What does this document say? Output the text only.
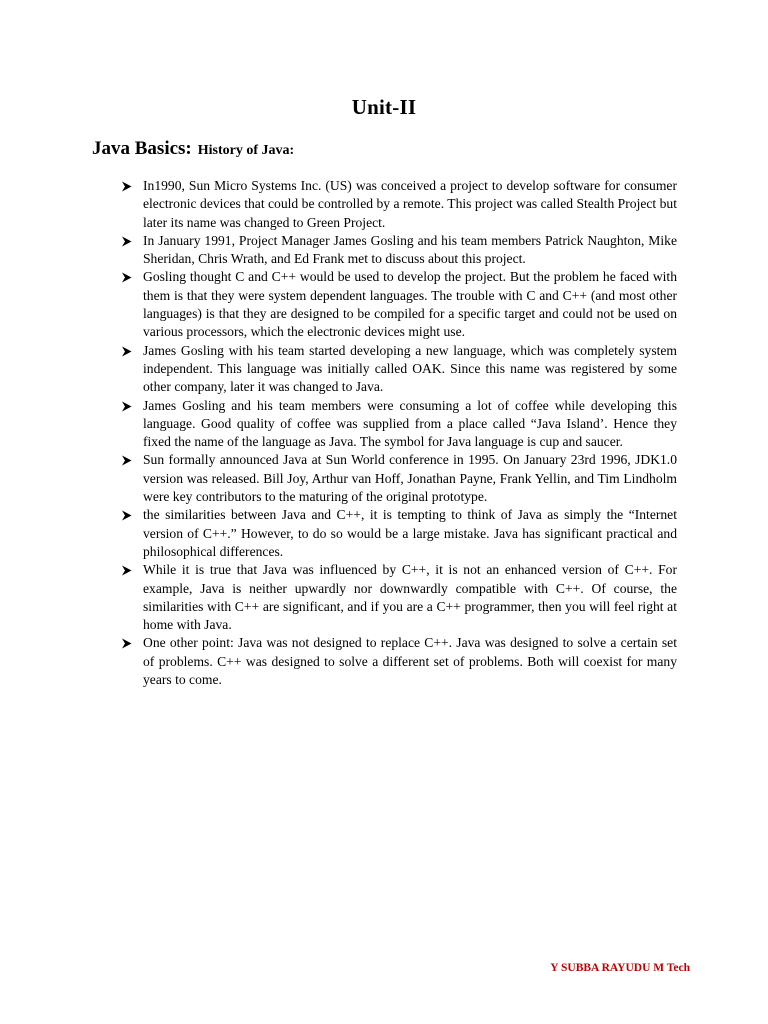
Unit-II
Java Basics: History of Java:
In1990, Sun Micro Systems Inc. (US) was conceived a project to develop software for consumer electronic devices that could be controlled by a remote. This project was called Stealth Project but later its name was changed to Green Project.
In January 1991, Project Manager James Gosling and his team members Patrick Naughton, Mike Sheridan, Chris Wrath, and Ed Frank met to discuss about this project.
Gosling thought C and C++ would be used to develop the project. But the problem he faced with them is that they were system dependent languages. The trouble with C and C++ (and most other languages) is that they are designed to be compiled for a specific target and could not be used on various processors, which the electronic devices might use.
James Gosling with his team started developing a new language, which was completely system independent. This language was initially called OAK. Since this name was registered by some other company, later it was changed to Java.
James Gosling and his team members were consuming a lot of coffee while developing this language. Good quality of coffee was supplied from a place called “Java Island’. Hence they fixed the name of the language as Java. The symbol for Java language is cup and saucer.
Sun formally announced Java at Sun World conference in 1995. On January 23rd 1996, JDK1.0 version was released. Bill Joy, Arthur van Hoff, Jonathan Payne, Frank Yellin, and Tim Lindholm were key contributors to the maturing of the original prototype.
the similarities between Java and C++, it is tempting to think of Java as simply the “Internet version of C++.” However, to do so would be a large mistake. Java has significant practical and philosophical differences.
While it is true that Java was influenced by C++, it is not an enhanced version of C++. For example, Java is neither upwardly nor downwardly compatible with C++. Of course, the similarities with C++ are significant, and if you are a C++ programmer, then you will feel right at home with Java.
One other point: Java was not designed to replace C++. Java was designed to solve a certain set of problems. C++ was designed to solve a different set of problems. Both will coexist for many years to come.
Y SUBBA RAYUDU M Tech
